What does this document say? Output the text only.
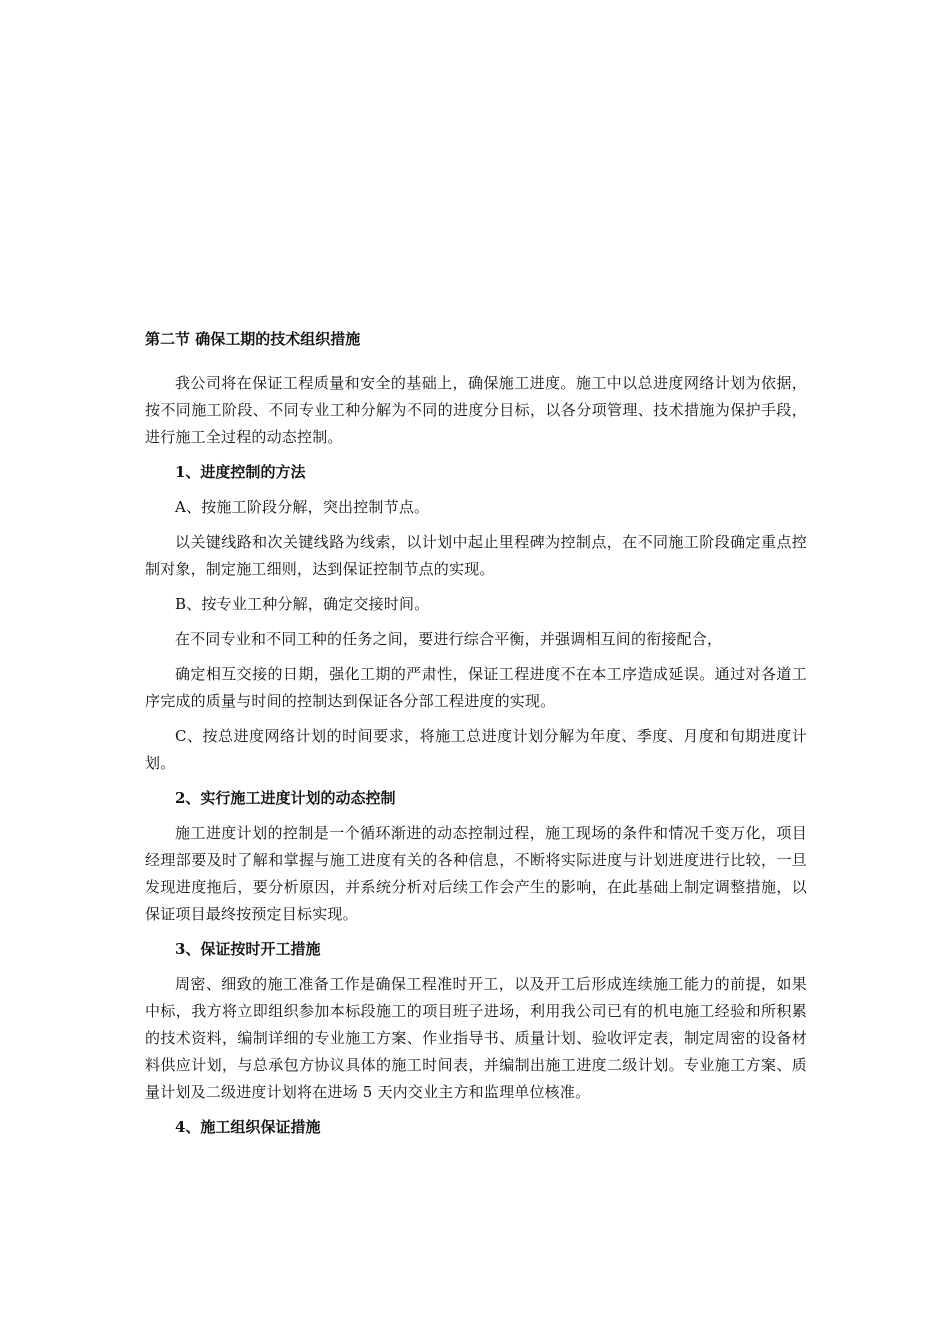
第二节 确保工期的技术组织措施

我公司将在保证工程质量和安全的基础上，确保施工进度。施工中以总进度网络计划为依据，按不同施工阶段、不同专业工种分解为不同的进度分目标，以各分项管理、技术措施为保护手段，进行施工全过程的动态控制。

1、进度控制的方法

A、按施工阶段分解，突出控制节点。

以关键线路和次关键线路为线索，以计划中起止里程碑为控制点，在不同施工阶段确定重点控制对象，制定施工细则，达到保证控制节点的实现。

B、按专业工种分解，确定交接时间。

在不同专业和不同工种的任务之间，要进行综合平衡，并强调相互间的衔接配合，

确定相互交接的日期，强化工期的严肃性，保证工程进度不在本工序造成延误。通过对各道工序完成的质量与时间的控制达到保证各分部工程进度的实现。

C、按总进度网络计划的时间要求，将施工总进度计划分解为年度、季度、月度和旬期进度计划。

2、实行施工进度计划的动态控制

施工进度计划的控制是一个循环渐进的动态控制过程，施工现场的条件和情况千变万化，项目经理部要及时了解和掌握与施工进度有关的各种信息，不断将实际进度与计划进度进行比较，一旦发现进度拖后，要分析原因，并系统分析对后续工作会产生的影响，在此基础上制定调整措施，以保证项目最终按预定目标实现。

3、保证按时开工措施

周密、细致的施工准备工作是确保工程准时开工，以及开工后形成连续施工能力的前提，如果中标，我方将立即组织参加本标段施工的项目班子进场，利用我公司已有的机电施工经验和所积累的技术资料，编制详细的专业施工方案、作业指导书、质量计划、验收评定表，制定周密的设备材料供应计划，与总承包方协议具体的施工时间表，并编制出施工进度二级计划。专业施工方案、质量计划及二级进度计划将在进场 5 天内交业主方和监理单位核准。

4、施工组织保证措施
